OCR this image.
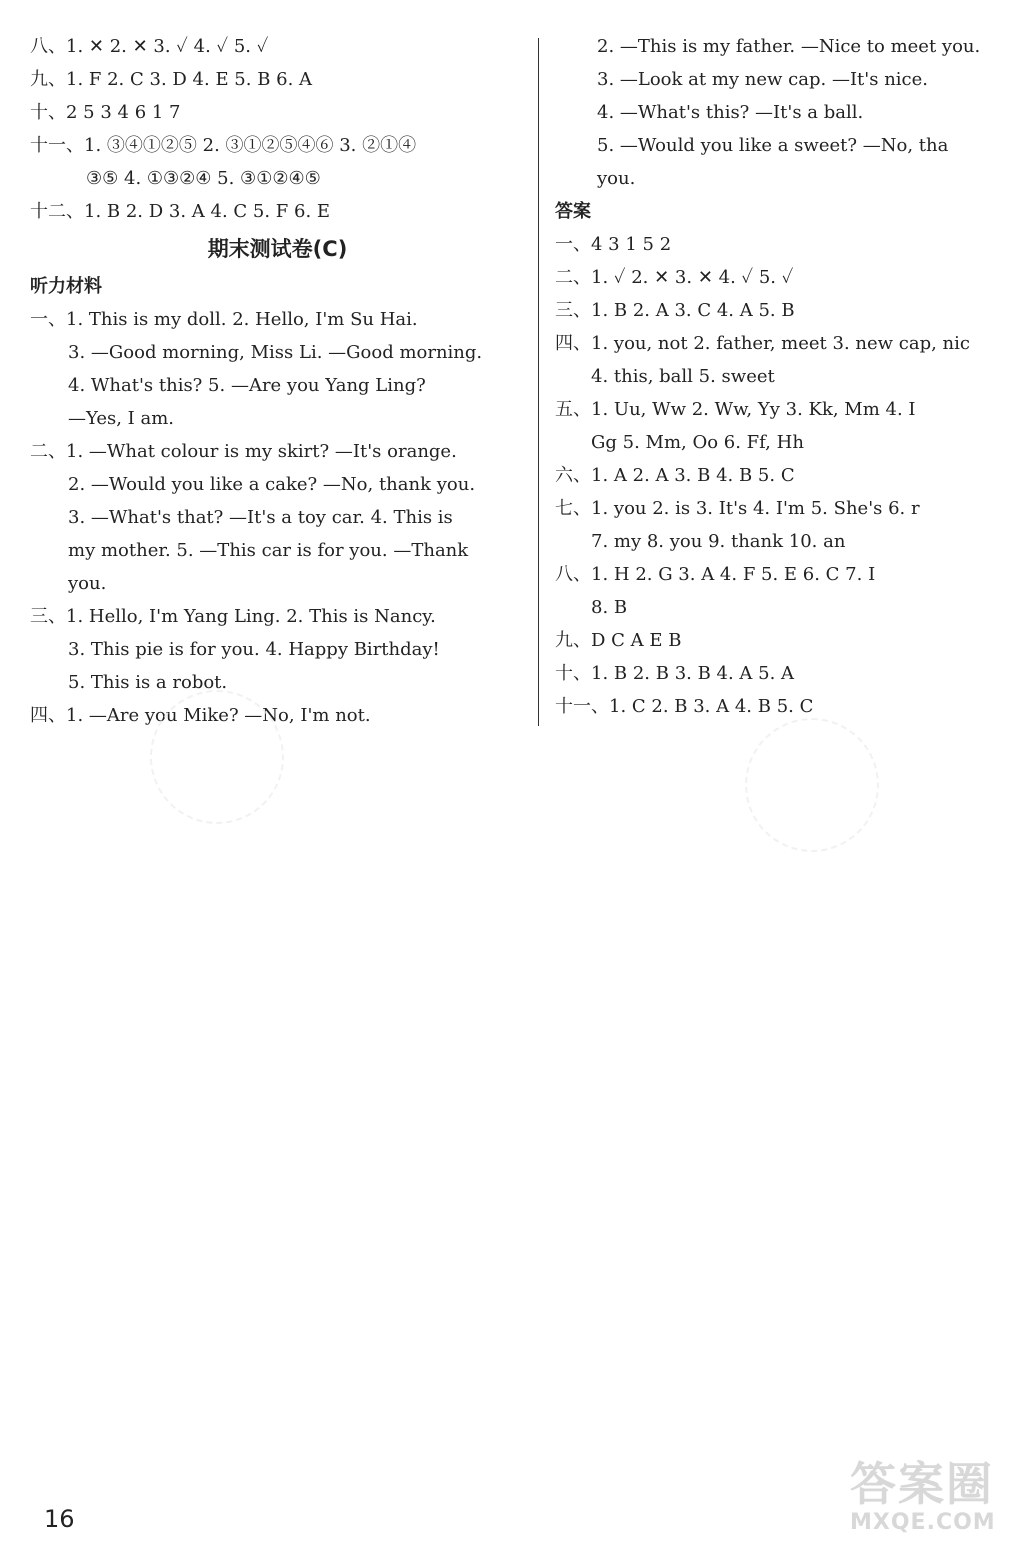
八、1. ✕ 2. ✕ 3. ✓ 4. ✓ 5. ✓
九、1. F 2. C 3. D 4. E 5. B 6. A
十、2 5 3 4 6 1 7
十一、1. ③④①②⑤ 2. ③①②⑤④⑥ 3. ②①④
③⑤ 4. ①③②④ 5. ③①②④⑤
十二、1. B 2. D 3. A 4. C 5. F 6. E
期末测试卷(C)
听力材料
一、1. This is my doll. 2. Hello, I'm Su Hai.
3. —Good morning, Miss Li. —Good morning.
4. What's this? 5. —Are you Yang Ling?
—Yes, I am.
二、1. —What colour is my skirt? —It's orange.
2. —Would you like a cake? —No, thank you.
3. —What's that? —It's a toy car. 4. This is
my mother. 5. —This car is for you. —Thank
you.
三、1. Hello, I'm Yang Ling. 2. This is Nancy.
3. This pie is for you. 4. Happy Birthday!
5. This is a robot.
四、1. —Are you Mike? —No, I'm not.
2. —This is my father. —Nice to meet you.
3. —Look at my new cap. —It's nice.
4. —What's this? —It's a ball.
5. —Would you like a sweet? —No, tha
you.
答案
一、4 3 1 5 2
二、1. ✓ 2. ✕ 3. ✕ 4. ✓ 5. ✓
三、1. B 2. A 3. C 4. A 5. B
四、1. you, not 2. father, meet 3. new cap, nic
4. this, ball 5. sweet
五、1. Uu, Ww 2. Ww, Yy 3. Kk, Mm 4. I
Gg 5. Mm, Oo 6. Ff, Hh
六、1. A 2. A 3. B 4. B 5. C
七、1. you 2. is 3. It's 4. I'm 5. She's 6. r
7. my 8. you 9. thank 10. an
八、1. H 2. G 3. A 4. F 5. E 6. C 7. I
8. B
九、D C A E B
十、1. B 2. B 3. B 4. A 5. A
十一、1. C 2. B 3. A 4. B 5. C
16
答案圈
MXQE.COM
